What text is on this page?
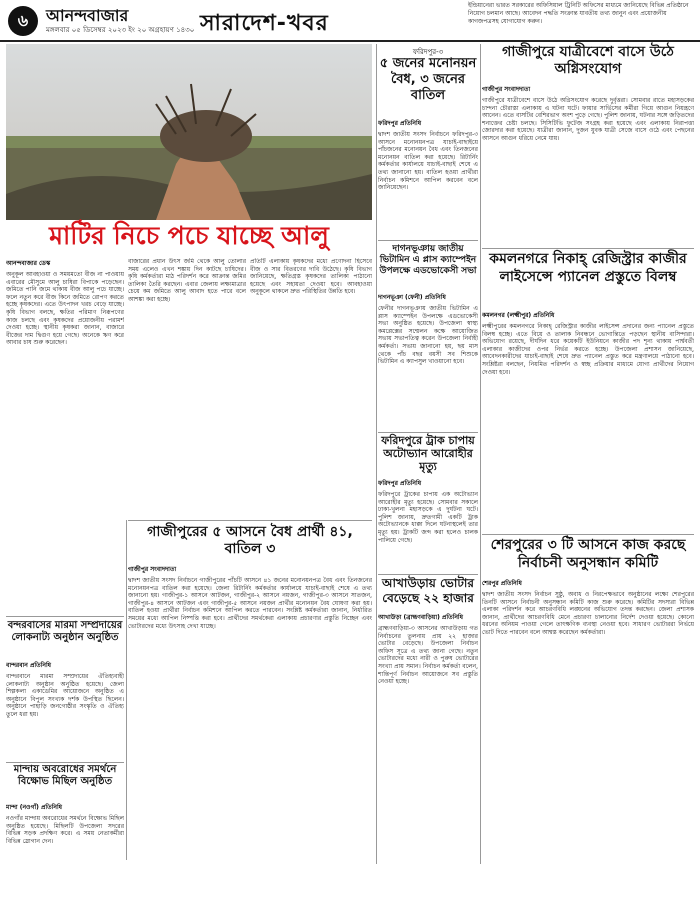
৬	আনন্দবাজার
মঙ্গলবার ০৫ ডিসেম্বর ২০২৩ ইং ২০ অগ্রহায়ণ ১৪৩০ সারাদেশ-খবর
ইন্ডিয়ানেরা ভারত সরকারের অফিসিয়াল ট্রিনিটি অফিসের মাধ্যমে জানিয়েছে বিভিন্ন প্রতিষ্ঠানে নিয়োগ চলমান আছে। আবেদন পদ্ধতি সংক্রান্ত যাবতীয় তথ্য জানুন এবং প্রয়োজনীয় কাগজপত্রসহ যোগাযোগ করুন।
মাটির নিচে পচে যাচ্ছে আলু
আনন্দবাজার ডেস্ক

অনুকূল আবহাওয়া ও সময়মতো বীজ না পাওয়ায় এবারের মৌসুমে আলু চাষিরা বিপাকে পড়েছেন। জমিতে পানি জমে থাকায় বীজ আলু পচে যাচ্ছে। ফলে নতুন করে বীজ কিনে জমিতে রোপণ করতে হচ্ছে কৃষকদের। এতে উৎপাদন খরচ বেড়ে যাচ্ছে। কৃষি বিভাগ বলছে, ক্ষতির পরিমাণ নিরূপণের কাজ চলছে এবং কৃষকদের প্রয়োজনীয় পরামর্শ দেওয়া হচ্ছে। স্থানীয় কৃষকরা জানান, বাজারে বীজের দাম দ্বিগুণ হয়ে গেছে। অনেকে ঋণ করে আবার চাষ শুরু করেছেন।

বাজারের প্রধান উৎস জমি থেকে আলু তোলার সময় এলেও এখন শঙ্কায় দিন কাটছে চাষিদের। কৃষি কর্মকর্তারা মাঠ পরিদর্শন করে আক্রান্ত জমির তালিকা তৈরি করছেন। এবার জেলায় লক্ষ্যমাত্রার চেয়ে কম জমিতে আলু আবাদ হতে পারে বলে আশঙ্কা করা হচ্ছে।

প্রতিটি এলাকায় কৃষকদের মধ্যে প্রণোদনা হিসেবে বীজ ও সার বিতরণের দাবি উঠেছে। কৃষি বিভাগ জানিয়েছে, ক্ষতিগ্রস্ত কৃষকদের তালিকা পাঠানো হয়েছে এবং সহায়তা দেওয়া হবে। আবহাওয়া অনুকূলে থাকলে দ্রুত পরিস্থিতির উন্নতি হবে।

ফরিদপুর-৩
৫ জনের মনোনয়ন বৈধ, ৩ জনের বাতিল
ফরিদপুর প্রতিনিধি

দ্বাদশ জাতীয় সংসদ নির্বাচনে ফরিদপুর-৩ আসনে মনোনয়নপত্র যাচাই-বাছাইয়ে পাঁচজনের মনোনয়ন বৈধ এবং তিনজনের মনোনয়ন বাতিল করা হয়েছে। রিটার্নিং কর্মকর্তার কার্যালয়ে যাচাই-বাছাই শেষে এ তথ্য জানানো হয়। বাতিল হওয়া প্রার্থীরা নির্বাচন কমিশনে আপিল করবেন বলে জানিয়েছেন।

দাগনভূঞায় জাতীয় ভিটামিন এ প্লাস ক্যাম্পেইন উপলক্ষে এডভোকেসী সভা
দাগনভূঞা (ফেনী) প্রতিনিধি

ফেনীর দাগনভূঞায় জাতীয় ভিটামিন এ প্লাস ক্যাম্পেইন উপলক্ষে এডভোকেসী সভা অনুষ্ঠিত হয়েছে। উপজেলা স্বাস্থ্য কমপ্লেক্সের সম্মেলন কক্ষে আয়োজিত সভায় সভাপতিত্ব করেন উপজেলা নির্বাহী কর্মকর্তা। সভায় জানানো হয়, ছয় মাস থেকে পাঁচ বছর বয়সী সব শিশুকে ভিটামিন এ ক্যাপসুল খাওয়ানো হবে।

ফরিদপুরে ট্রাক চাপায় অটোভ্যান আরোহীর মৃত্যু
ফরিদপুর প্রতিনিধি

ফরিদপুরে ট্রাকের চাপায় এক অটোভ্যান আরোহীর মৃত্যু হয়েছে। সোমবার সকালে ঢাকা-খুলনা মহাসড়কে এ দুর্ঘটনা ঘটে। পুলিশ জানায়, দ্রুতগামী একটি ট্রাক অটোভ্যানকে ধাক্কা দিলে ঘটনাস্থলেই তার মৃত্যু হয়। ট্রাকটি জব্দ করা হলেও চালক পালিয়ে গেছে।

আখাউড়ায় ভোটার বেড়েছে ২২ হাজার
আখাউড়া (ব্রাহ্মণবাড়িয়া) প্রতিনিধি

ব্রাহ্মণবাড়িয়া-৩ আসনের আখাউড়ায় গত নির্বাচনের তুলনায় প্রায় ২২ হাজার ভোটার বেড়েছে। উপজেলা নির্বাচন অফিস সূত্রে এ তথ্য জানা গেছে। নতুন ভোটারদের মধ্যে নারী ও পুরুষ ভোটারের সংখ্যা প্রায় সমান। নির্বাচন কর্মকর্তা বলেন, শান্তিপূর্ণ নির্বাচন আয়োজনে সব প্রস্তুতি নেওয়া হচ্ছে।

গাজীপুরে যাত্রীবেশে বাসে উঠে অগ্নিসংযোগ
গাজীপুর সংবাদদাতা

গাজীপুরে যাত্রীবেশে বাসে উঠে অগ্নিসংযোগ করেছে দুর্বৃত্তরা। সোমবার রাতে মহাসড়কের চান্দনা চৌরাস্তা এলাকায় এ ঘটনা ঘটে। ফায়ার সার্ভিসের কর্মীরা গিয়ে আগুন নিয়ন্ত্রণে আনেন। এতে বাসটির বেশিরভাগ অংশ পুড়ে গেছে। পুলিশ জানায়, ঘটনার সঙ্গে জড়িতদের শনাক্তের চেষ্টা চলছে। সিসিটিভি ফুটেজ সংগ্রহ করা হয়েছে এবং এলাকায় নিরাপত্তা জোরদার করা হয়েছে। যাত্রীরা জানান, দুজন যুবক যাত্রী সেজে বাসে ওঠে এবং পেছনের আসনে আগুন ধরিয়ে নেমে যায়।

কমলনগরে নিকাহ্ রেজিস্ট্রার কাজীর লাইসেন্সে প্যানেল প্রস্তুতে বিলম্ব
কমলনগর (লক্ষ্মীপুর) প্রতিনিধি

লক্ষ্মীপুরের কমলনগরে নিকাহ্ রেজিস্ট্রার কাজীর লাইসেন্স প্রদানের জন্য প্যানেল প্রস্তুতে বিলম্ব হচ্ছে। এতে বিয়ে ও তালাক নিবন্ধনে ভোগান্তিতে পড়ছেন স্থানীয় বাসিন্দারা। অভিযোগ রয়েছে, দীর্ঘদিন ধরে কয়েকটি ইউনিয়নে কাজীর পদ শূন্য থাকায় পার্শ্ববর্তী এলাকার কাজীদের ওপর নির্ভর করতে হচ্ছে। উপজেলা প্রশাসন জানিয়েছে, আবেদনকারীদের যাচাই-বাছাই শেষে দ্রুত প্যানেল প্রস্তুত করে মন্ত্রণালয়ে পাঠানো হবে। সংশ্লিষ্টরা বলছেন, নিয়মিত পরিদর্শন ও স্বচ্ছ প্রক্রিয়ার মাধ্যমে যোগ্য প্রার্থীদের নিয়োগ দেওয়া হবে।

শেরপুরের ৩ টি আসনে কাজ করছে নির্বাচনী অনুসন্ধান কমিটি
শেরপুর প্রতিনিধি

দ্বাদশ জাতীয় সংসদ নির্বাচন সুষ্ঠু, অবাধ ও নিরপেক্ষভাবে অনুষ্ঠানের লক্ষ্যে শেরপুরের তিনটি আসনে নির্বাচনী অনুসন্ধান কমিটি কাজ শুরু করেছে। কমিটির সদস্যরা বিভিন্ন এলাকা পরিদর্শন করে আচরণবিধি লঙ্ঘনের অভিযোগ তদন্ত করছেন। জেলা প্রশাসক জানান, প্রার্থীদের আচরণবিধি মেনে প্রচারণা চালানোর নির্দেশ দেওয়া হয়েছে। কোনো ধরনের অনিয়ম পাওয়া গেলে তাৎক্ষণিক ব্যবস্থা নেওয়া হবে। সাধারণ ভোটাররা নির্ভয়ে ভোট দিতে পারবেন বলে আশ্বস্ত করেছেন কর্মকর্তারা।

গাজীপুরের ৫ আসনে বৈধ প্রার্থী ৪১, বাতিল ৩
গাজীপুর সংবাদদাতা

দ্বাদশ জাতীয় সংসদ নির্বাচনে গাজীপুরের পাঁচটি আসনে ৪১ জনের মনোনয়নপত্র বৈধ এবং তিনজনের মনোনয়নপত্র বাতিল করা হয়েছে। জেলা রিটার্নিং কর্মকর্তার কার্যালয়ে যাচাই-বাছাই শেষে এ তথ্য জানানো হয়। গাজীপুর-১ আসনে আটজন, গাজীপুর-২ আসনে নয়জন, গাজীপুর-৩ আসনে সাতজন, গাজীপুর-৪ আসনে আটজন এবং গাজীপুর-৫ আসনে নয়জন প্রার্থীর মনোনয়ন বৈধ ঘোষণা করা হয়। বাতিল হওয়া প্রার্থীরা নির্বাচন কমিশনে আপিল করতে পারবেন। সংশ্লিষ্ট কর্মকর্তারা জানান, নির্ধারিত সময়ের মধ্যে আপিল নিষ্পত্তি করা হবে। প্রার্থীদের সমর্থকেরা এলাকায় প্রচারণার প্রস্তুতি নিচ্ছেন এবং ভোটারদের মধ্যে উৎসাহ দেখা যাচ্ছে।

বন্দরবাসের মারমা সম্প্রদায়ের লোকনাট্য অনুষ্ঠান অনুষ্ঠিত
বান্দরবান প্রতিনিধি

বান্দরবানে মারমা সম্প্রদায়ের ঐতিহ্যবাহী লোকনাট্য অনুষ্ঠান অনুষ্ঠিত হয়েছে। জেলা শিল্পকলা একাডেমির আয়োজনে অনুষ্ঠিত এ অনুষ্ঠানে বিপুল সংখ্যক দর্শক উপস্থিত ছিলেন। অনুষ্ঠানে পাহাড়ি জনগোষ্ঠীর সংস্কৃতি ও ঐতিহ্য তুলে ধরা হয়।

মান্দায় অবরোধের সমর্থনে বিক্ষোভ মিছিল অনুষ্ঠিত
মান্দা (নওগাঁ) প্রতিনিধি

নওগাঁর মান্দায় অবরোধের সমর্থনে বিক্ষোভ মিছিল অনুষ্ঠিত হয়েছে। মিছিলটি উপজেলা সদরের বিভিন্ন সড়ক প্রদক্ষিণ করে। এ সময় নেতাকর্মীরা বিভিন্ন স্লোগান দেন।
